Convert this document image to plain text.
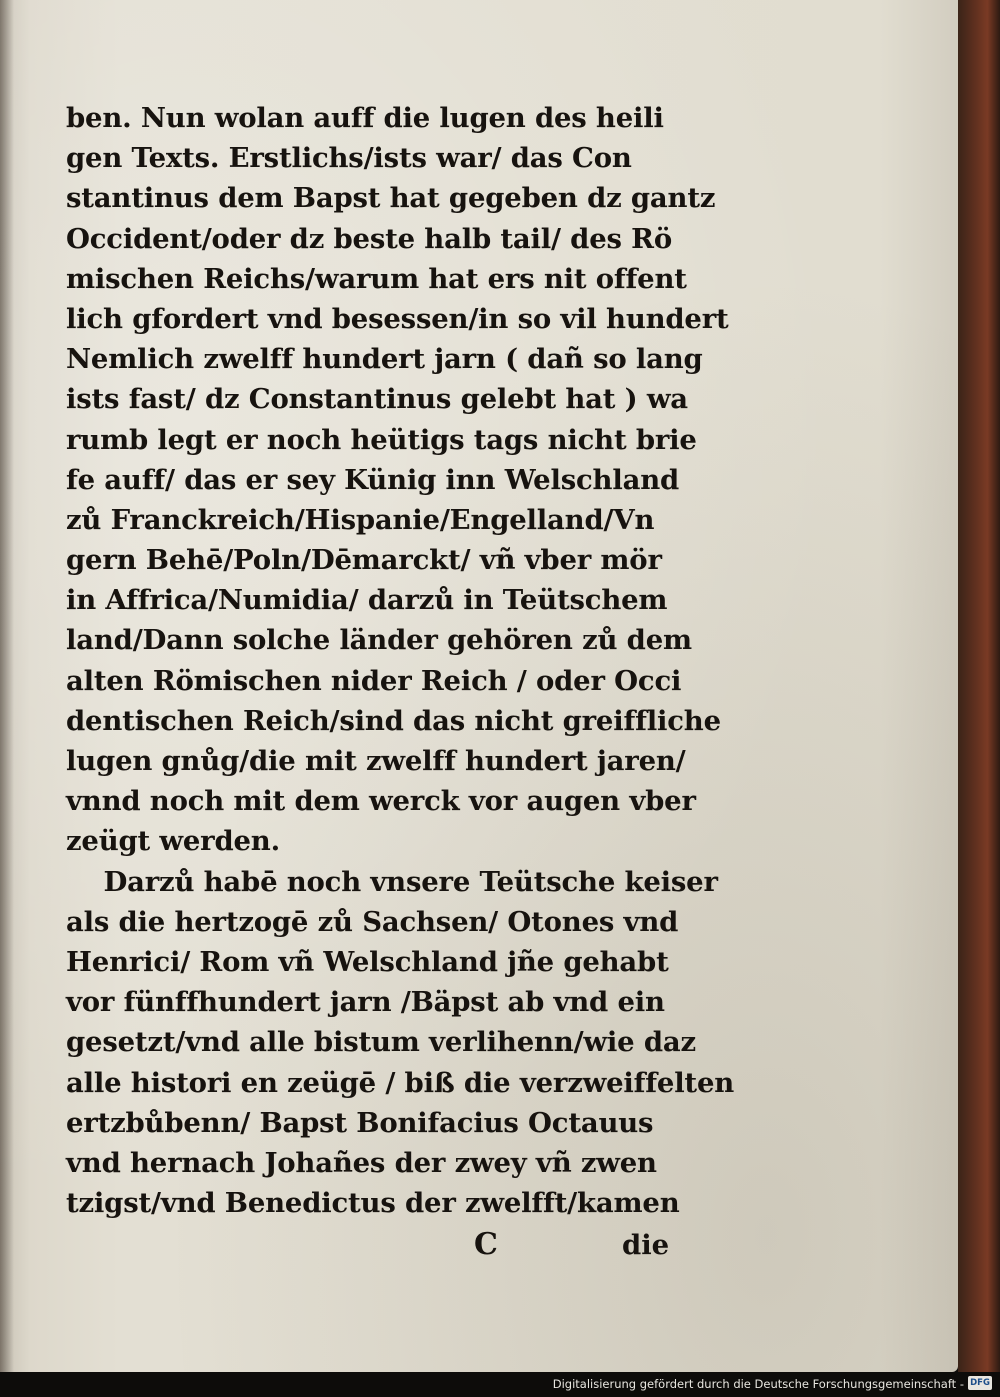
ben. Nun wolan auff die lugen des heili
gen Texts. Erstlichs/ists war/ das Con
stantinus dem Bapst hat gegeben dz gantz
Occident/oder dz beste halb tail/ des Rö
mischen Reichs/warum hat ers nit offent
lich gfordert vnd besessen/in so vil hundert
Nemlich zwelff hundert jarn ( dañ so lang
ists fast/ dz Constantinus gelebt hat ) wa
rumb legt er noch heütigs tags nicht brie
fe auff/ das er sey Künig inn Welschland
zů Franckreich/Hispanie/Engelland/Vn
gern Behē/Poln/Dēmarckt/ vñ vber mör
in Affrica/Numidia/ darzů in Teütschem
land/Dann solche länder gehören zů dem
alten Römischen nider Reich / oder Occi
dentischen Reich/sind das nicht greiffliche
lugen gnůg/die mit zwelff hundert jaren/
vnnd noch mit dem werck vor augen vber
zeügt werden.
Darzů habē noch vnsere Teütsche keiser
als die hertzogē zů Sachsen/ Otones vnd
Henrici/ Rom vñ Welschland jñe gehabt
vor fünffhundert jarn /Bäpst ab vnd ein
gesetzt/vnd alle bistum verlihenn/wie daz
alle histori en zeügē / biß die verzweiffelten
ertzbůbenn/ Bapst Bonifacius Octauus
vnd hernach Johañes der zwey vñ zwen
tzigst/vnd Benedictus der zwelfft/kamen
C	die
Digitalisierung gefördert durch die Deutsche Forschungsgemeinschaft - DFG
